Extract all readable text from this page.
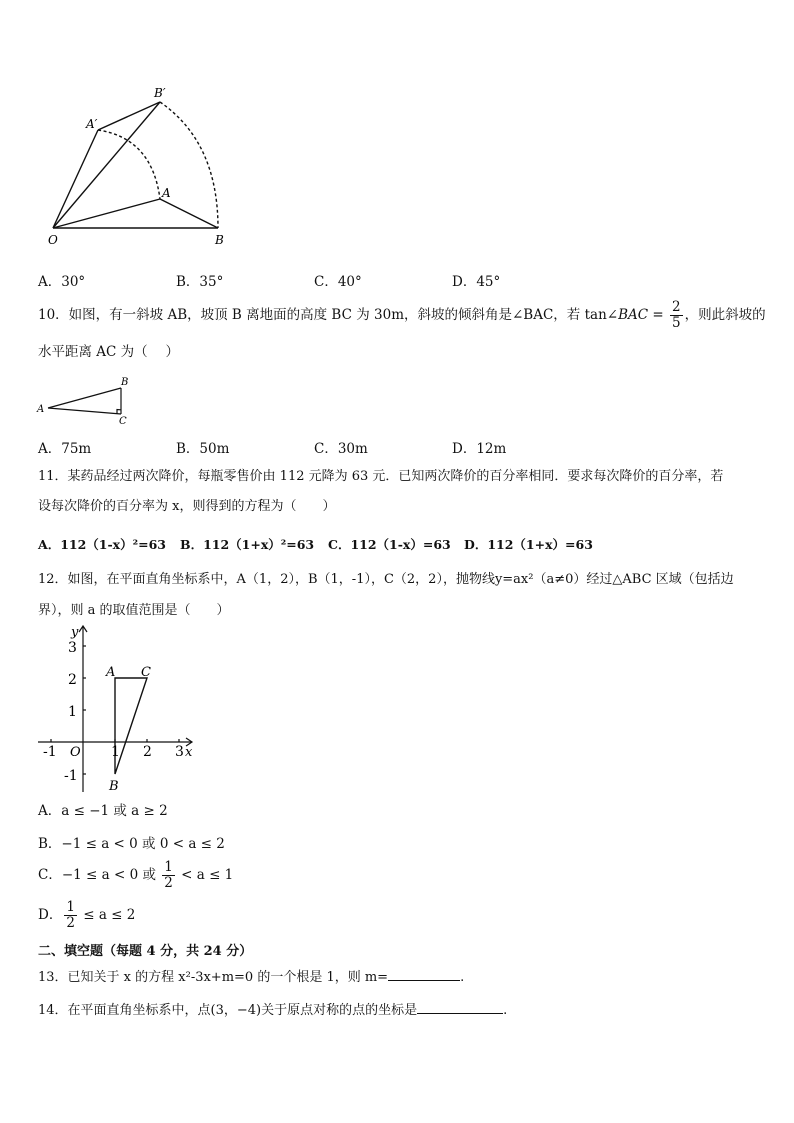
B′
A′
A
O	B
A．30°	B．35°	C．40°	D．45°
10．如图，有一斜坡 AB，坡顶 B 离地面的高度 BC 为 30m，斜坡的倾斜角是∠BAC，若 tan∠BAC = $\frac{2}{5}$ ，则此斜坡的
水平距离 AC 为（　 ）
A
B
C
A．75m	B．50m	C．30m	D．12m
11．某药品经过两次降价，每瓶零售价由 112 元降为 63 元．已知两次降价的百分率相同．要求每次降价的百分率，若
设每次降价的百分率为 x，则得到的方程为（　　）
A．112（1-x）²=63 B．112（1+x）²=63 C．112（1-x）=63 D．112（1+x）=63
12．如图，在平面直角坐标系中，A（1，2），B（1，-1），C（2，2），抛物线y=ax²（a≠0）经过△ABC 区域（包括边
界），则 a 的取值范围是（　　）
y
x
O
-1	1 2 3
3
2
1
-1
A C
B
A．a ≤ −1 或 a ≥ 2
B．−1 ≤ a < 0 或 0 < a ≤ 2
C．−1 ≤ a < 0 或 $\frac{1}{2} < a \le 1$
D． $\frac{1}{2} \le a \le 2$
二、填空题（每题 4 分，共 24 分）
13．已知关于 x 的方程 x²-3x+m=0 的一个根是 1，则 m=	.
14．在平面直角坐标系中，点(3，−4)关于原点对称的点的坐标是	.
